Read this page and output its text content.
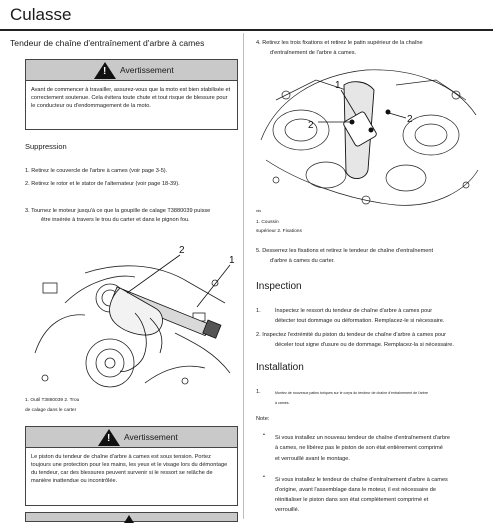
Culasse
Tendeur de chaîne d'entraînement d'arbre à cames
! Avertissement
Avant de commencer à travailler, assurez-vous que la moto est bien stabilisée et correctement soutenue. Cela évitera toute chute et tout risque de blessure pour le conducteur ou d'endommagement de la moto.
Suppression
1. Retirez le couvercle de l'arbre à cames (voir page 3-5).
2. Retirez le rotor et le stator de l'alternateur (voir page 18-39).
3. Tournez le moteur jusqu'à ce que la goupille de calage T3880039 puisse
être insérée à travers le trou du carter et dans le pignon fou.
2
1
1. Outil T3880039 2. Trou
de calage dans le carter
! Avertissement
Le piston du tendeur de chaîne d'arbre à cames est sous tension. Portez toujours une protection pour les mains, les yeux et le visage lors du démontage du tendeur, car des blessures peuvent survenir si le ressort se relâche de manière inattendue ou incontrôlée.
4. Retirez les trois fixations et retirez le patin supérieur de la chaîne
d'entraînement de l'arbre à cames.
1
2
2
rds
1. Coussin
supérieur 2. Fixations
5. Desserrez les fixations et retirez le tendeur de chaîne d'entraînement
d'arbre à cames du carter.
Inspection
1.	Inspectez le ressort du tendeur de chaîne d'arbre à cames pour
détecter tout dommage ou déformation. Remplacez-le si nécessaire.
2. Inspectez l'extrémité du piston du tendeur de chaîne d'arbre à cames pour
déceler tout signe d'usure ou de dommage. Remplacez-la si nécessaire.
Installation
1.	Montez de nouveaux patins toriques sur le corps du tendeur de chaîne d'entraînement de l'arbre
à cames.
Note:
• Si vous installez un nouveau tendeur de chaîne d'entraînement d'arbre
à cames, ne libérez pas le piston de son état entièrement comprimé
et verrouillé avant le montage.
• Si vous installez le tendeur de chaîne d'entraînement d'arbre à cames
d'origine, avant l'assemblage dans le moteur, il est nécessaire de
réinitialiser le piston dans son état complètement comprimé et
verrouillé.
